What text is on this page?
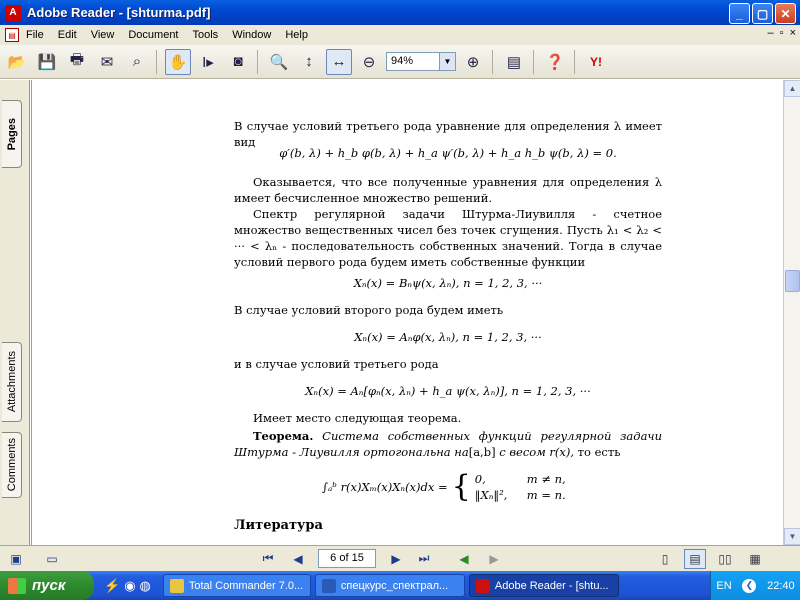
A Adobe Reader - [shturma.pdf]	_	▢	✕
▤ File	Edit	View	Document	Tools	Window	Help	– ▫ ×
📂 💾 🖶	✉	⌕	✋ I▸	◙	🔍	↕	↔	⊖	94%	▼	⊕	▤	❓	Y!
Pages
Attachments
Comments
В случае условий третьего рода уравнение для определения λ имеет вид
φ′(b, λ) + h_b φ(b, λ) + h_a ψ′(b, λ) + h_a h_b ψ(b, λ) = 0.
Оказывается, что все полученные уравнения для определения λ имеет бесчисленное множество решений.
Спектр регулярной задачи Штурма-Лиувилля - счетное множество вещественных чисел без точек сгущения. Пусть λ₁ < λ₂ < ··· < λₙ - последовательность собственных значений. Тогда в случае условий первого рода будем иметь собственные функции
Xₙ(x) = Bₙψ(x, λₙ), n = 1, 2, 3, ···
В случае условий второго рода будем иметь
Xₙ(x) = Aₙφ(x, λₙ), n = 1, 2, 3, ···
и в случае условий третьего рода
Xₙ(x) = Aₙ[φₙ(x, λₙ) + h_a ψ(x, λₙ)], n = 1, 2, 3, ···
Имеет место следующая теорема.
Теорема. Система собственных функций регулярной задачи Штурма - Лиувилля ортогональна на[a,b] с весом r(x), то есть
∫ₐᵇ r(x)Xₘ(x)Xₙ(x)dx = { 0,	m ≠ n,
‖Xₙ‖²,	m = n.
Литература
▲
▼
▣	▭	⏮	◀	6 of 15	▶	⏭	◀	▶	▯	▤	▯▯	▦
пуск	⚡ ◉ ◍	Total Commander 7.0...	спецкурс_спектрал...	Adobe Reader - [shtu...	EN	❮ 22:40
